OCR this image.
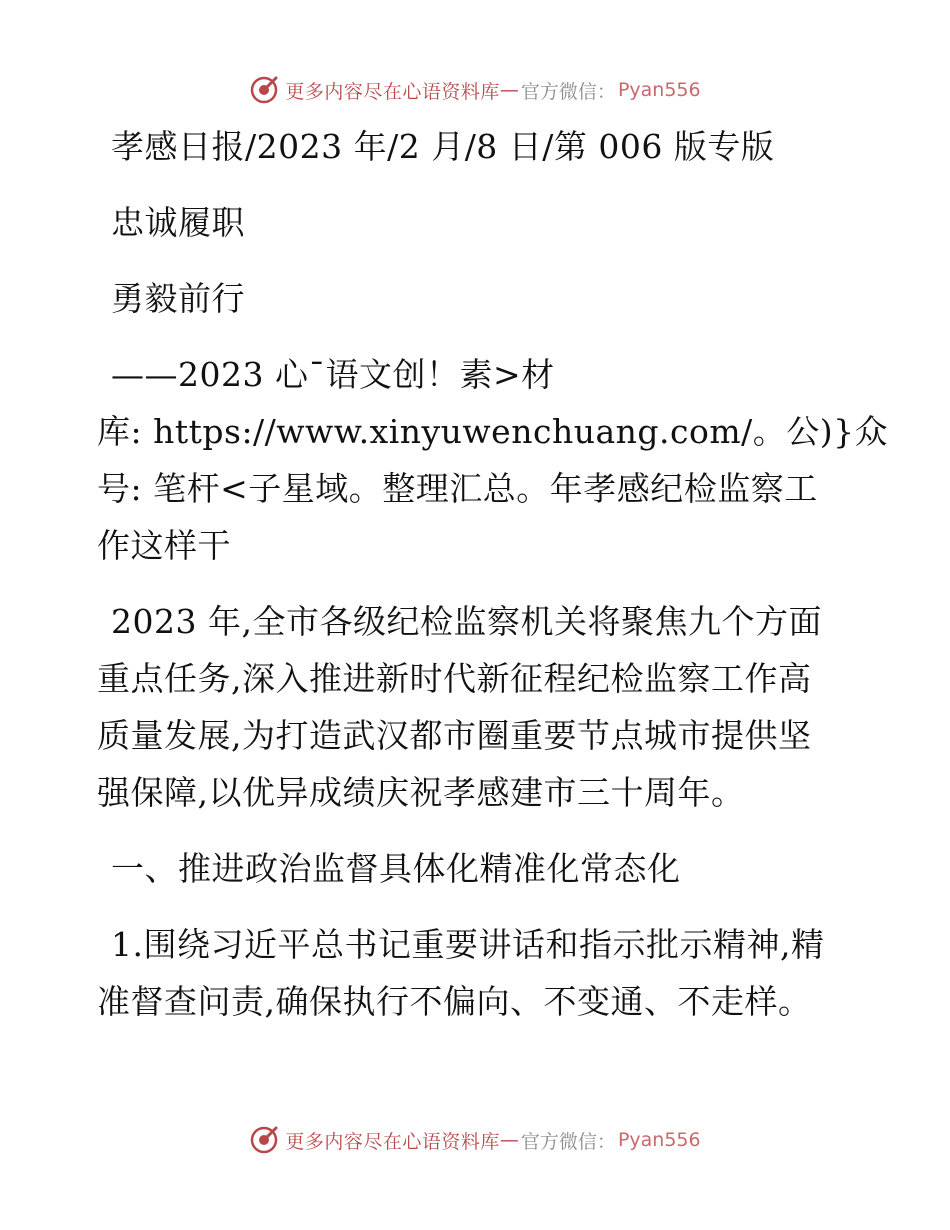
更多内容尽在心语资料库 — 官方微信： Pyan556
孝感日报/2023 年/2 月/8 日/第 006 版专版
忠诚履职
勇毅前行
——2023 心¯语文创！素>材
库: https://www.xinyuwenchuang.com/。公)}众
号: 笔杆<子星域。整理汇总。年孝感纪检监察工
作这样干
2023 年,全市各级纪检监察机关将聚焦九个方面
重点任务,深入推进新时代新征程纪检监察工作高
质量发展,为打造武汉都市圈重要节点城市提供坚
强保障,以优异成绩庆祝孝感建市三十周年。
一、推进政治监督具体化精准化常态化
1.围绕习近平总书记重要讲话和指示批示精神,精
准督查问责,确保执行不偏向、不变通、不走样。
更多内容尽在心语资料库 — 官方微信： Pyan556
